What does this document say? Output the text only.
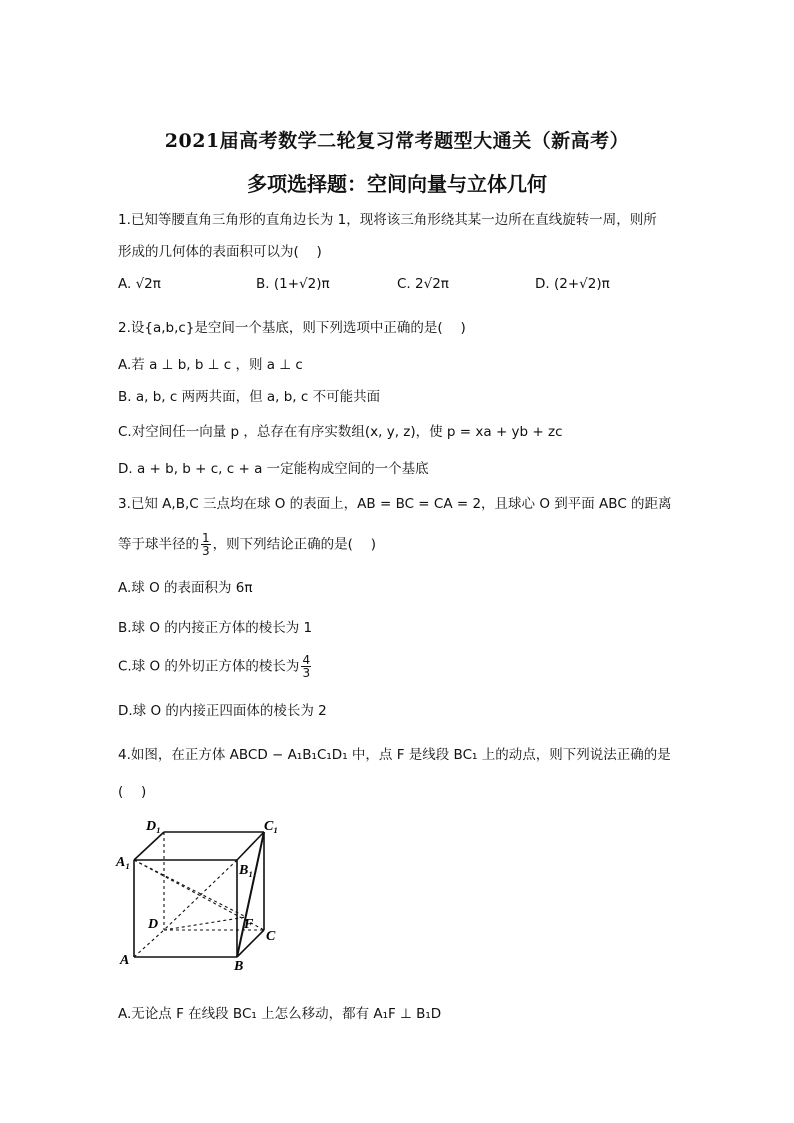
2021届高考数学二轮复习常考题型大通关（新高考）
多项选择题：空间向量与立体几何
1.已知等腰直角三角形的直角边长为 1，现将该三角形绕其某一边所在直线旋转一周，则所
形成的几何体的表面积可以为(　 )
A. √2π	B. (1+√2)π	C. 2√2π	D. (2+√2)π
2.设{a,b,c}是空间一个基底，则下列选项中正确的是(　 )
A.若 a ⊥ b, b ⊥ c ，则 a ⊥ c
B. a, b, c 两两共面，但 a, b, c 不可能共面
C.对空间任一向量 p ，总存在有序实数组(x, y, z)，使 p = xa + yb + zc
D. a + b, b + c, c + a 一定能构成空间的一个基底
3.已知 A,B,C 三点均在球 O 的表面上，AB = BC = CA = 2，且球心 O 到平面 ABC 的距离
等于球半径的 $\frac{1}{3}$ ，则下列结论正确的是(　 )
A.球 O 的表面积为 6π
B.球 O 的内接正方体的棱长为 1
C.球 O 的外切正方体的棱长为 $\frac{4}{3}$
D.球 O 的内接正四面体的棱长为 2
4.如图，在正方体 ABCD − A₁B₁C₁D₁ 中，点 F 是线段 BC₁ 上的动点，则下列说法正确的是
(　 )
D₁	C₁
A₁
B₁
D	F
C
A	B
A.无论点 F 在线段 BC₁ 上怎么移动，都有 A₁F ⊥ B₁D
